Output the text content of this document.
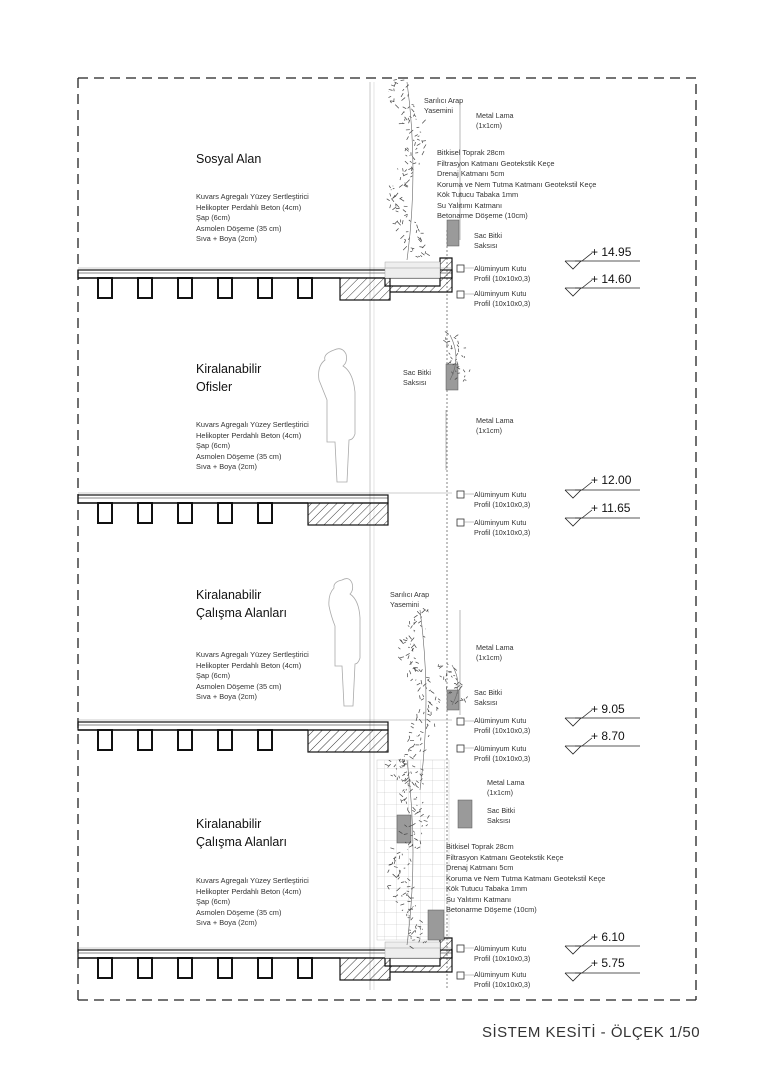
Sosyal Alan
Kiralanabilir
Ofisler
Kiralanabilir
Çalışma Alanları
Kiralanabilir
Çalışma Alanları
Kuvars Agregalı Yüzey Sertleştirici
Helikopter Perdahlı Beton (4cm)
Şap (6cm)
Asmolen Döşeme (35 cm)
Sıva + Boya (2cm)
Kuvars Agregalı Yüzey Sertleştirici
Helikopter Perdahlı Beton (4cm)
Şap (6cm)
Asmolen Döşeme (35 cm)
Sıva + Boya (2cm)
Kuvars Agregalı Yüzey Sertleştirici
Helikopter Perdahlı Beton (4cm)
Şap (6cm)
Asmolen Döşeme (35 cm)
Sıva + Boya (2cm)
Kuvars Agregalı Yüzey Sertleştirici
Helikopter Perdahlı Beton (4cm)
Şap (6cm)
Asmolen Döşeme (35 cm)
Sıva + Boya (2cm)
Bitkisel Toprak 28cm
Filtrasyon Katmanı Geotekstik Keçe
Drenaj Katmanı 5cm
Koruma ve Nem Tutma Katmanı Geotekstil Keçe
Kök Tutucu Tabaka 1mm
Su Yalıtımı Katmanı
Betonarme Döşeme (10cm)
Bitkisel Toprak 28cm
Filtrasyon Katmanı Geotekstik Keçe
Drenaj Katmanı 5cm
Koruma ve Nem Tutma Katmanı Geotekstil Keçe
Kök Tutucu Tabaka 1mm
Su Yalıtımı Katmanı
Betonarme Döşeme (10cm)
Sarılıcı Arap
Yasemini
Sarılıcı Arap
Yasemini
Metal Lama
(1x1cm)
Metal Lama
(1x1cm)
Metal Lama
(1x1cm)
Metal Lama
(1x1cm)
Sac Bitki
Saksısı
Sac Bitki
Saksısı
Sac Bitki
Saksısı
Sac Bitki
Saksısı
Alüminyum Kutu
Profil (10x10x0,3)
Alüminyum Kutu
Profil (10x10x0,3)
Alüminyum Kutu
Profil (10x10x0,3)
Alüminyum Kutu
Profil (10x10x0,3)
Alüminyum Kutu
Profil (10x10x0,3)
Alüminyum Kutu
Profil (10x10x0,3)
Alüminyum Kutu
Profil (10x10x0,3)
Alüminyum Kutu
Profil (10x10x0,3)
+ 14.95
+ 14.60
+ 12.00
+ 11.65
+ 9.05
+ 8.70
+ 6.10
+ 5.75
SİSTEM KESİTİ - ÖLÇEK 1/50
